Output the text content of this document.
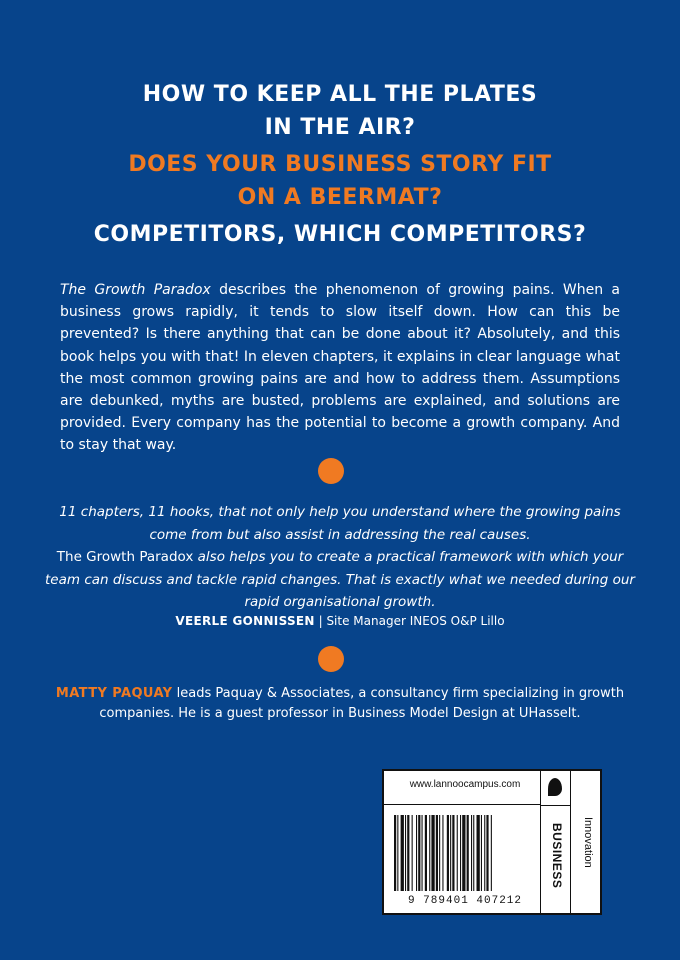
HOW TO KEEP ALL THE PLATES
IN THE AIR?
DOES YOUR BUSINESS STORY FIT
ON A BEERMAT?
COMPETITORS, WHICH COMPETITORS?
The Growth Paradox describes the phenomenon of growing pains. When a business grows rapidly, it tends to slow itself down. How can this be prevented? Is there anything that can be done about it? Absolutely, and this book helps you with that! In eleven chapters, it explains in clear language what the most common growing pains are and how to address them. Assumptions are debunked, myths are busted, problems are explained, and solutions are provided. Every company has the potential to become a growth company. And to stay that way.
11 chapters, 11 hooks, that not only help you understand where the growing pains come from but also assist in addressing the real causes.
The Growth Paradox also helps you to create a practical framework with which your team can discuss and tackle rapid changes. That is exactly what we needed during our rapid organisational growth.
VEERLE GONNISSEN | Site Manager INEOS O&P Lillo
MATTY PAQUAY leads Paquay & Associates, a consultancy firm specializing in growth companies. He is a guest professor in Business Model Design at UHasselt.
www.lannoocampus.com
BUSINESS Innovation
9 789401 407212
